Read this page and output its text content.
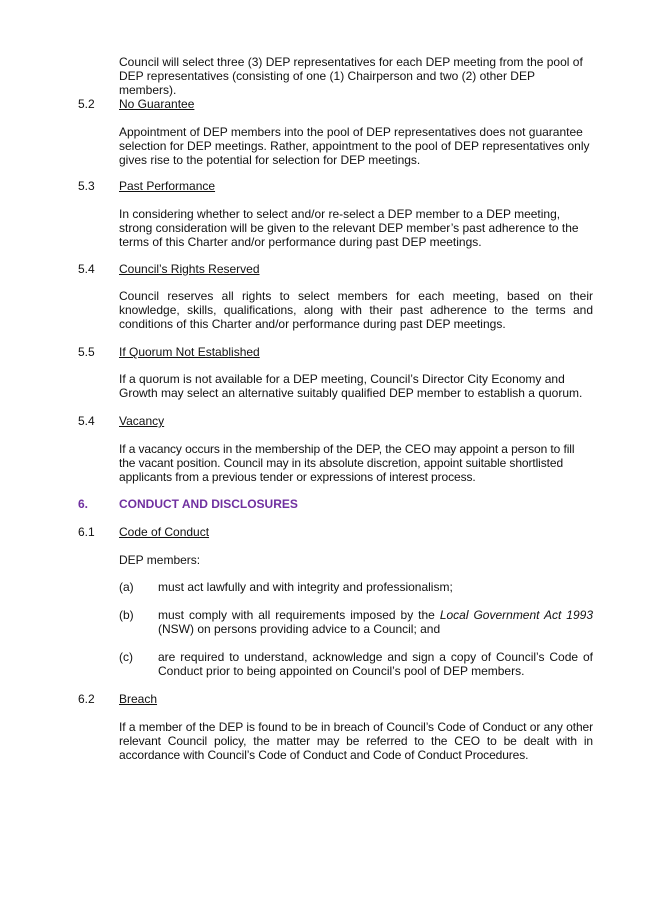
Council will select three (3) DEP representatives for each DEP meeting from the pool of DEP representatives (consisting of one (1) Chairperson and two (2) other DEP members).

5.2 No Guarantee

Appointment of DEP members into the pool of DEP representatives does not guarantee selection for DEP meetings. Rather, appointment to the pool of DEP representatives only gives rise to the potential for selection for DEP meetings.

5.3 Past Performance

In considering whether to select and/or re-select a DEP member to a DEP meeting, strong consideration will be given to the relevant DEP member’s past adherence to the terms of this Charter and/or performance during past DEP meetings.

5.4 Council’s Rights Reserved

Council reserves all rights to select members for each meeting, based on their knowledge, skills, qualifications, along with their past adherence to the terms and conditions of this Charter and/or performance during past DEP meetings.

5.5 If Quorum Not Established

If a quorum is not available for a DEP meeting, Council’s Director City Economy and Growth may select an alternative suitably qualified DEP member to establish a quorum.

5.4 Vacancy

If a vacancy occurs in the membership of the DEP, the CEO may appoint a person to fill the vacant position. Council may in its absolute discretion, appoint suitable shortlisted applicants from a previous tender or expressions of interest process.

6.	CONDUCT AND DISCLOSURES

6.1 Code of Conduct

DEP members:

(a) must act lawfully and with integrity and professionalism;

(b) must comply with all requirements imposed by the Local Government Act 1993 (NSW) on persons providing advice to a Council; and

(c) are required to understand, acknowledge and sign a copy of Council’s Code of Conduct prior to being appointed on Council’s pool of DEP members.

6.2 Breach

If a member of the DEP is found to be in breach of Council’s Code of Conduct or any other relevant Council policy, the matter may be referred to the CEO to be dealt with in accordance with Council’s Code of Conduct and Code of Conduct Procedures.
